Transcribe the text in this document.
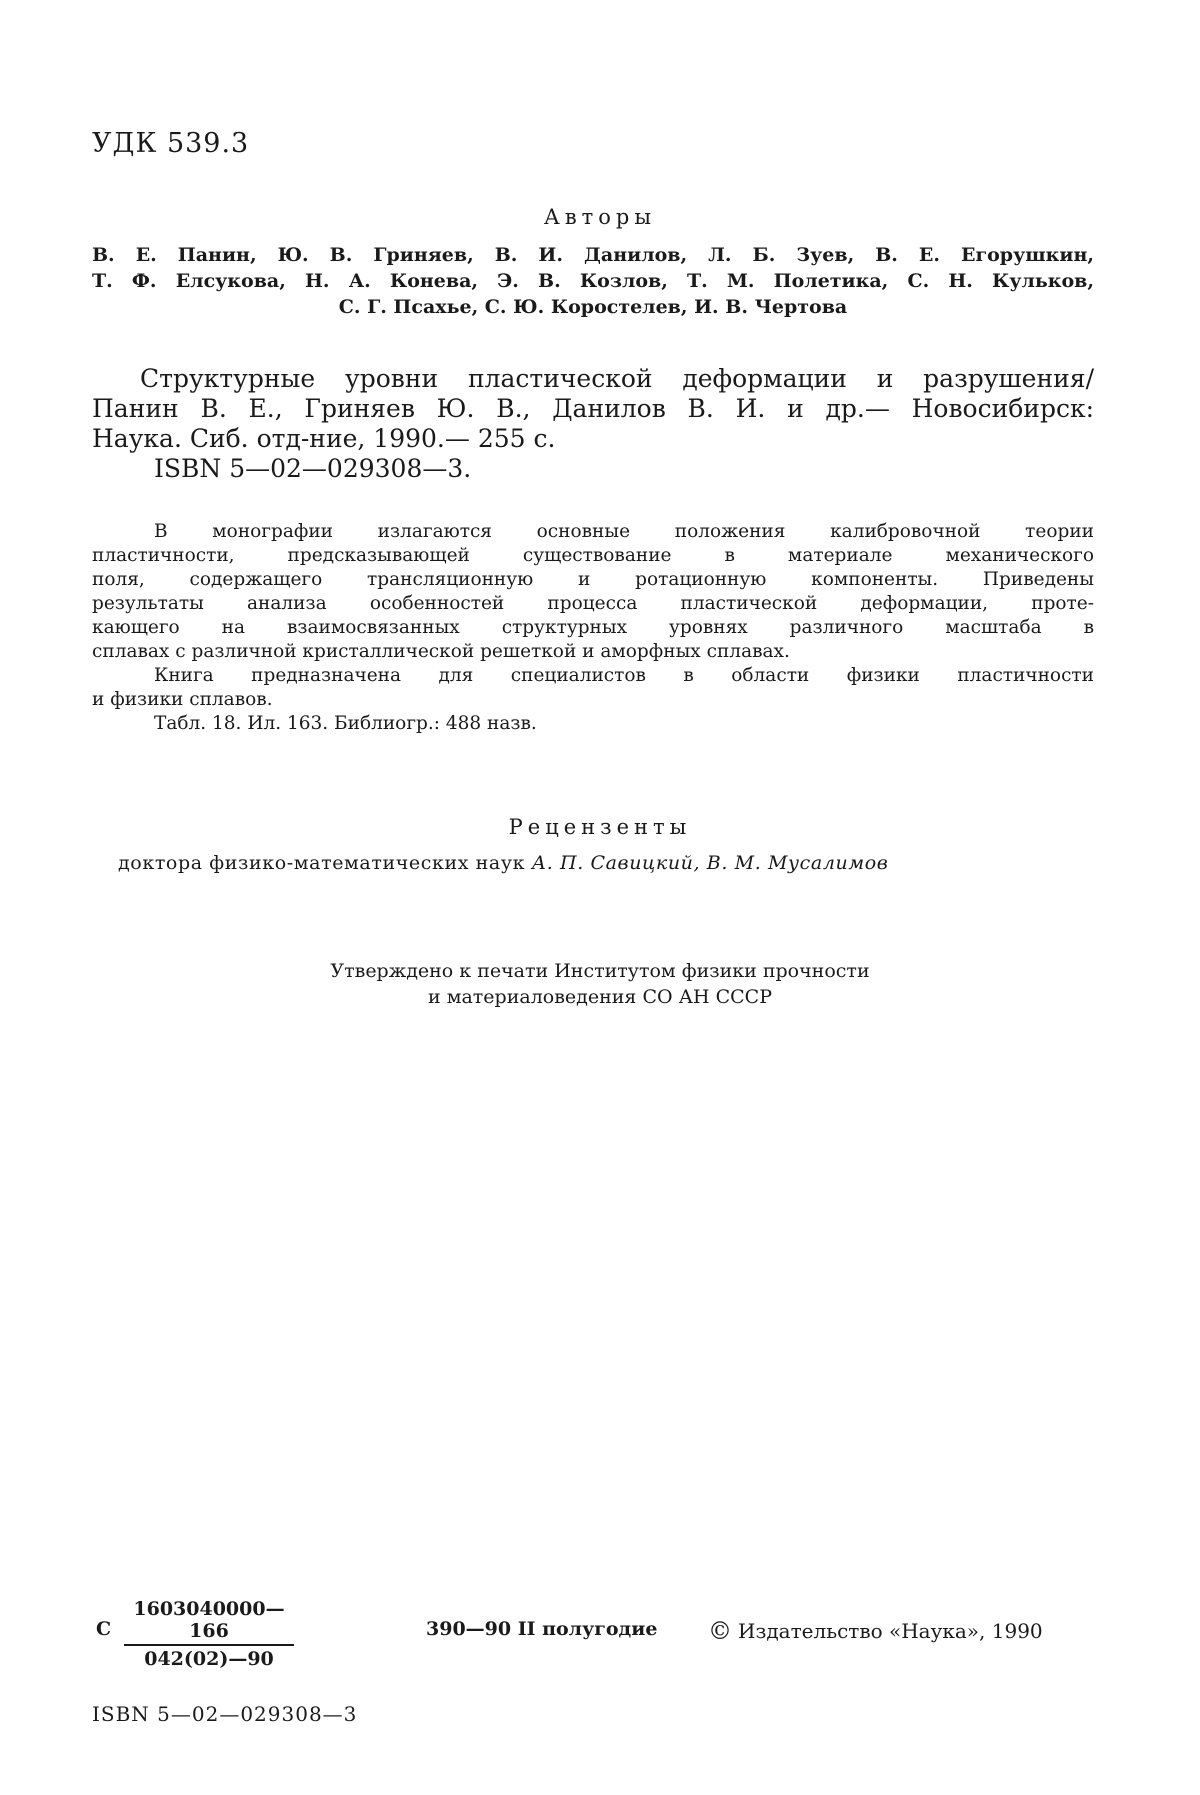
УДК 539.3
Авторы
В. Е. Панин, Ю. В. Гриняев, В. И. Данилов, Л. Б. Зуев, В. Е. Егорушкин,
Т. Ф. Елсукова, Н. А. Конева, Э. В. Козлов, Т. М. Полетика, С. Н. Кульков,
С. Г. Псахье, С. Ю. Коростелев, И. В. Чертова
Структурные уровни пластической деформации и разрушения/
Панин В. Е., Гриняев Ю. В., Данилов В. И. и др.— Новосибирск:
Наука. Сиб. отд-ние, 1990.— 255 с.
ISBN 5—02—029308—3.
В монографии излагаются основные положения калибровочной теории
пластичности, предсказывающей существование в материале механического
поля, содержащего трансляционную и ротационную компоненты. Приведены
результаты анализа особенностей процесса пластической деформации, проте-
кающего на взаимосвязанных структурных уровнях различного масштаба в
сплавах с различной кристаллической решеткой и аморфных сплавах.
Книга предназначена для специалистов в области физики пластичности
и физики сплавов.
Табл. 18. Ил. 163. Библиогр.: 488 назв.
Рецензенты
доктора физико-математических наук А. П. Савицкий, В. М. Мусалимов
Утверждено к печати Институтом физики прочности
и материаловедения СО АН СССР
С $\frac{1603040000—166}{042(02)—90}$ 390—90 II полугодие © Издательство «Наука», 1990
ISBN 5—02—029308—3
